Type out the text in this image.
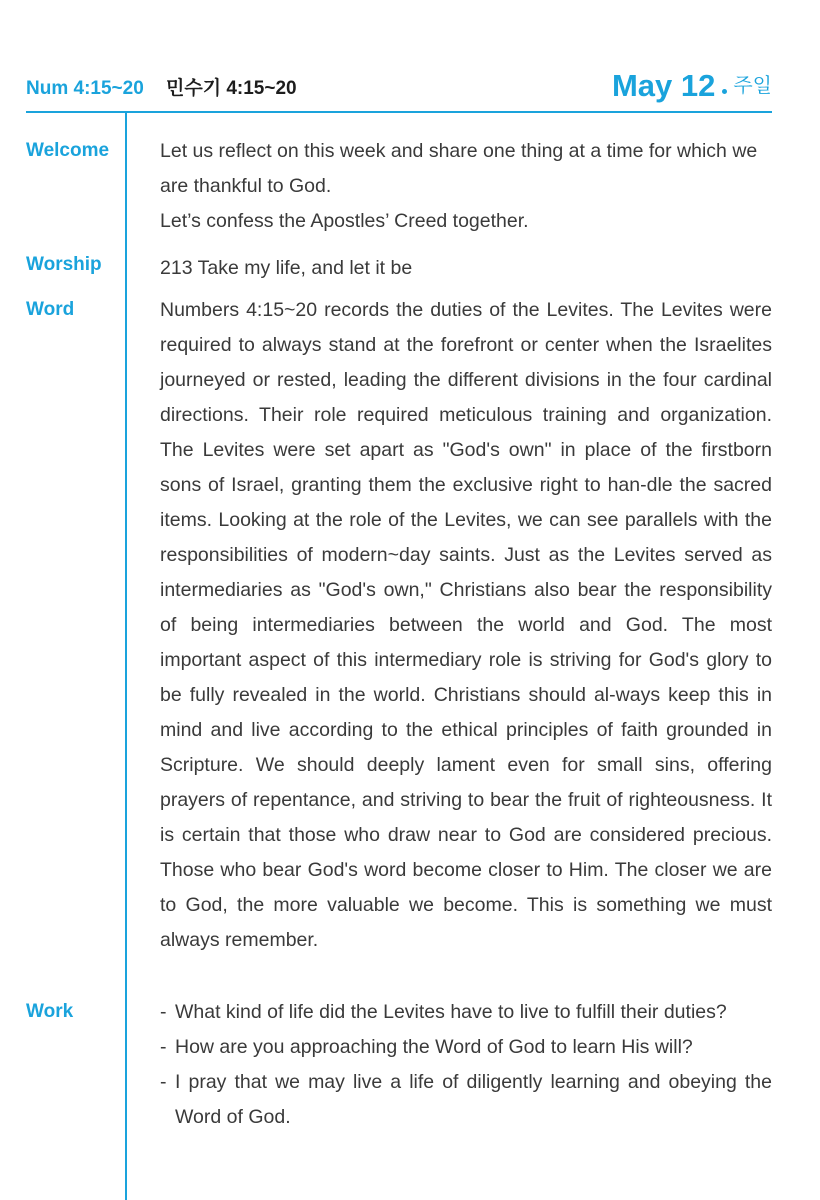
Num 4:15~20 민수기 4:15~20	May 12 주일
Welcome	Let us reflect on this week and share one thing at a time for which we are thankful to God.

Let’s confess the Apostles’ Creed together.

Worship	213 Take my life, and let it be

Word	Numbers 4:15~20 records the duties of the Levites. The Levites were required to always stand at the forefront or center when the Israelites journeyed or rested, leading the different divisions in the four cardinal directions. Their role required meticulous training and organization. The Levites were set apart as "God's own" in place of the firstborn sons of Israel, granting them the exclusive right to han-dle the sacred items. Looking at the role of the Levites, we can see parallels with the responsibilities of modern~day saints. Just as the Levites served as intermediaries as "God's own," Christians also bear the responsibility of being intermediaries between the world and God. The most important aspect of this intermediary role is striving for God's glory to be fully revealed in the world. Christians should al-ways keep this in mind and live according to the ethical principles of faith grounded in Scripture. We should deeply lament even for small sins, offering prayers of repentance, and striving to bear the fruit of righteousness. It is certain that those who draw near to God are considered precious. Those who bear God's word become closer to Him. The closer we are to God, the more valuable we become. This is something we must always remember.

Work
-	What kind of life did the Levites have to live to fulfill their duties?
- How are you approaching the Word of God to learn His will?
- I pray that we may live a life of diligently learning and obeying the Word of God.
